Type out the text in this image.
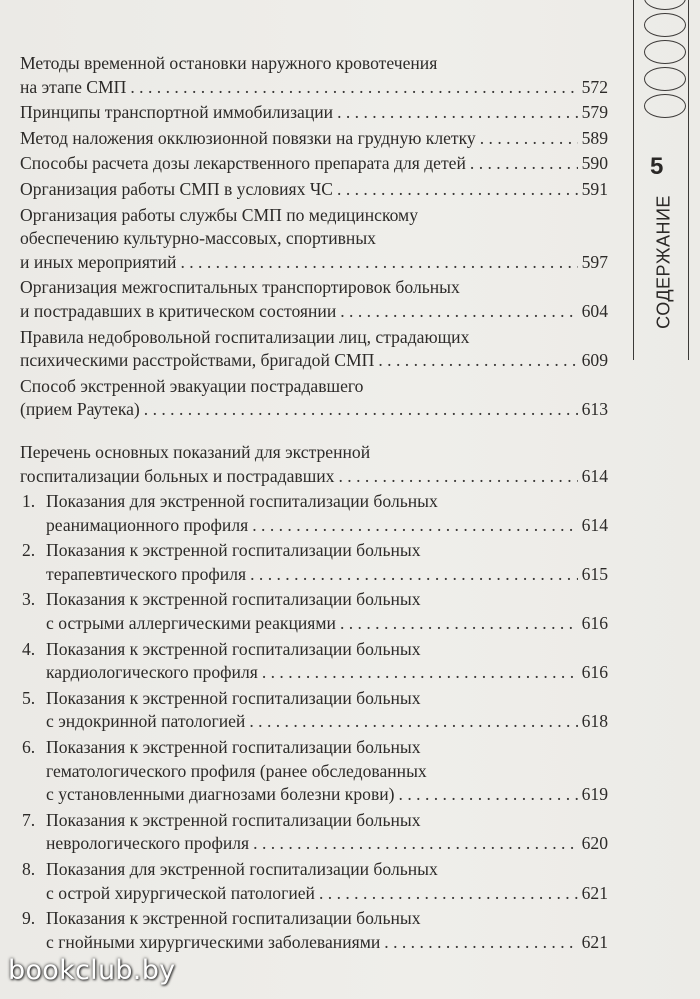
Методы временной остановки наружного кровотечения
на этапе СМП . . .	572
Принципы транспортной иммобилизации . . .	579
Метод наложения окклюзионной повязки на грудную клетку . . .	589
Способы расчета дозы лекарственного препарата для детей . . .	590
Организация работы СМП в условиях ЧС . . .	591
Организация работы службы СМП по медицинскому
обеспечению культурно-массовых, спортивных
и иных мероприятий . . .	597
Организация межгоспитальных транспортировок больных
и пострадавших в критическом состоянии . . .	604
Правила недобровольной госпитализации лиц, страдающих
психическими расстройствами, бригадой СМП . . .	609
Способ экстренной эвакуации пострадавшего
(прием Раутека) . . .	613
Перечень основных показаний для экстренной
госпитализации больных и пострадавших . . .	614
1. Показания для экстренной госпитализации больных
реанимационного профиля . . .	614
2. Показания к экстренной госпитализации больных
терапевтического профиля . . .	615
3. Показания к экстренной госпитализации больных
с острыми аллергическими реакциями . . .	616
4. Показания к экстренной госпитализации больных
кардиологического профиля . . .	616
5. Показания к экстренной госпитализации больных
с эндокринной патологией . . .	618
6. Показания к экстренной госпитализации больных
гематологического профиля (ранее обследованных
с установленными диагнозами болезни крови) . . .	619
7. Показания к экстренной госпитализации больных
неврологического профиля . . .	620
8. Показания для экстренной госпитализации больных
с острой хирургической патологией . . .	621
9. Показания к экстренной госпитализации больных
с гнойными хирургическими заболеваниями . . .	621
5
СОДЕРЖАНИЕ
bookclub.by
